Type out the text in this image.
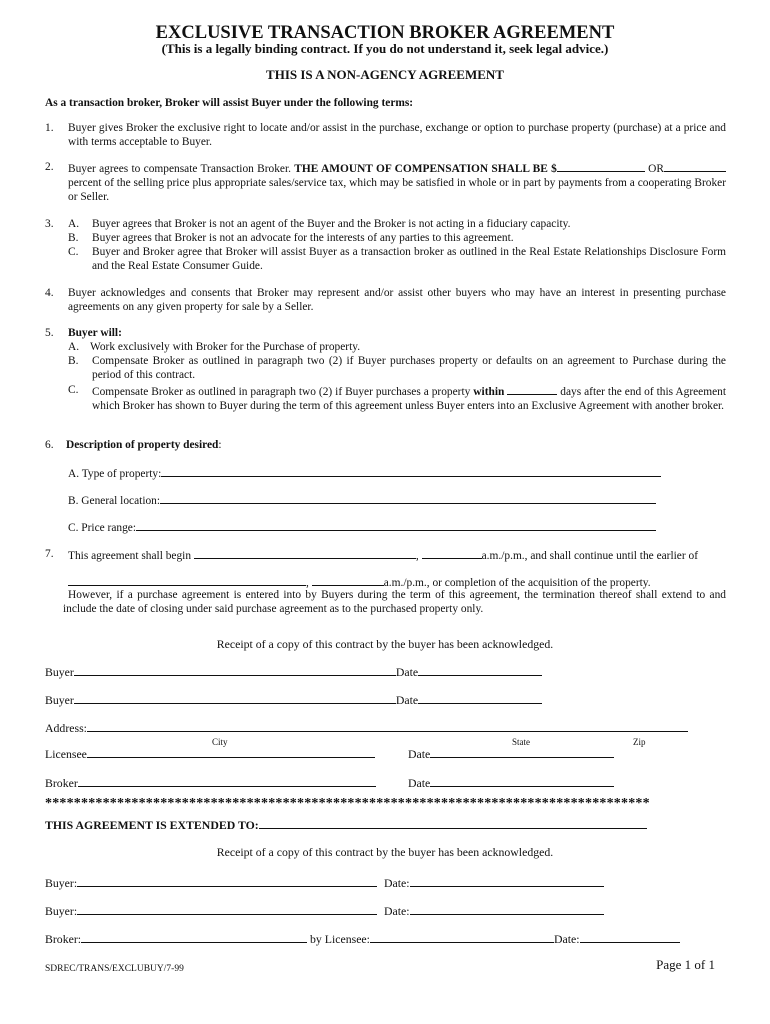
EXCLUSIVE TRANSACTION BROKER AGREEMENT
(This is a legally binding contract. If you do not understand it, seek legal advice.)
THIS IS A NON-AGENCY AGREEMENT
As a transaction broker, Broker will assist Buyer under the following terms:
1. Buyer gives Broker the exclusive right to locate and/or assist in the purchase, exchange or option to purchase property (purchase) at a price and with terms acceptable to Buyer.
2. Buyer agrees to compensate Transaction Broker. THE AMOUNT OF COMPENSATION SHALL BE $	ORpercent of the selling price plus appropriate sales/service tax, which may be satisfied in whole or in part by payments from a cooperating Broker or Seller.
3. A. Buyer agrees that Broker is not an agent of the Buyer and the Broker is not acting in a fiduciary capacity.
B. Buyer agrees that Broker is not an advocate for the interests of any parties to this agreement.
C.	Buyer and Broker agree that Broker will assist Buyer as a transaction broker as outlined in the Real Estate Relationships Disclosure Form and the Real Estate Consumer Guide.
4. Buyer acknowledges and consents that Broker may represent and/or assist other buyers who may have an interest in presenting purchase agreements on any given property for sale by a Seller.
5. Buyer will:
A. Work exclusively with Broker for the Purchase of property.
B.	Compensate Broker as outlined in paragraph two (2) if Buyer purchases property or defaults on an agreement to Purchase during the period of this contract.
C.	Compensate Broker as outlined in paragraph two (2) if Buyer purchases a property within	days after the end of this Agreement which Broker has shown to Buyer during the term of this agreement unless Buyer enters into an Exclusive Agreement with another broker.
6. Description of property desired:
A. Type of property:
B. General location:
C. Price range:
7. This agreement shall begin	,	a.m./p.m., and shall continue until the earlier of
,	a.m./p.m., or completion of the acquisition of the property.
However, if a purchase agreement is entered into by Buyers during the term of this agreement, the termination thereof shall extend to and include the date of closing under said purchase agreement as to the purchased property only.
Receipt of a copy of this contract by the buyer has been acknowledged.
Buyer	Date
Buyer	Date
Address:
City	State	Zip
Licensee	Date
Broker	Date
************************************************************************************
THIS AGREEMENT IS EXTENDED TO:
Receipt of a copy of this contract by the buyer has been acknowledged.
Buyer:	Date:
Buyer:	Date:
Broker:	by Licensee:	Date:
SDREC/TRANS/EXCLUBUY/7-99	Page 1 of 1
